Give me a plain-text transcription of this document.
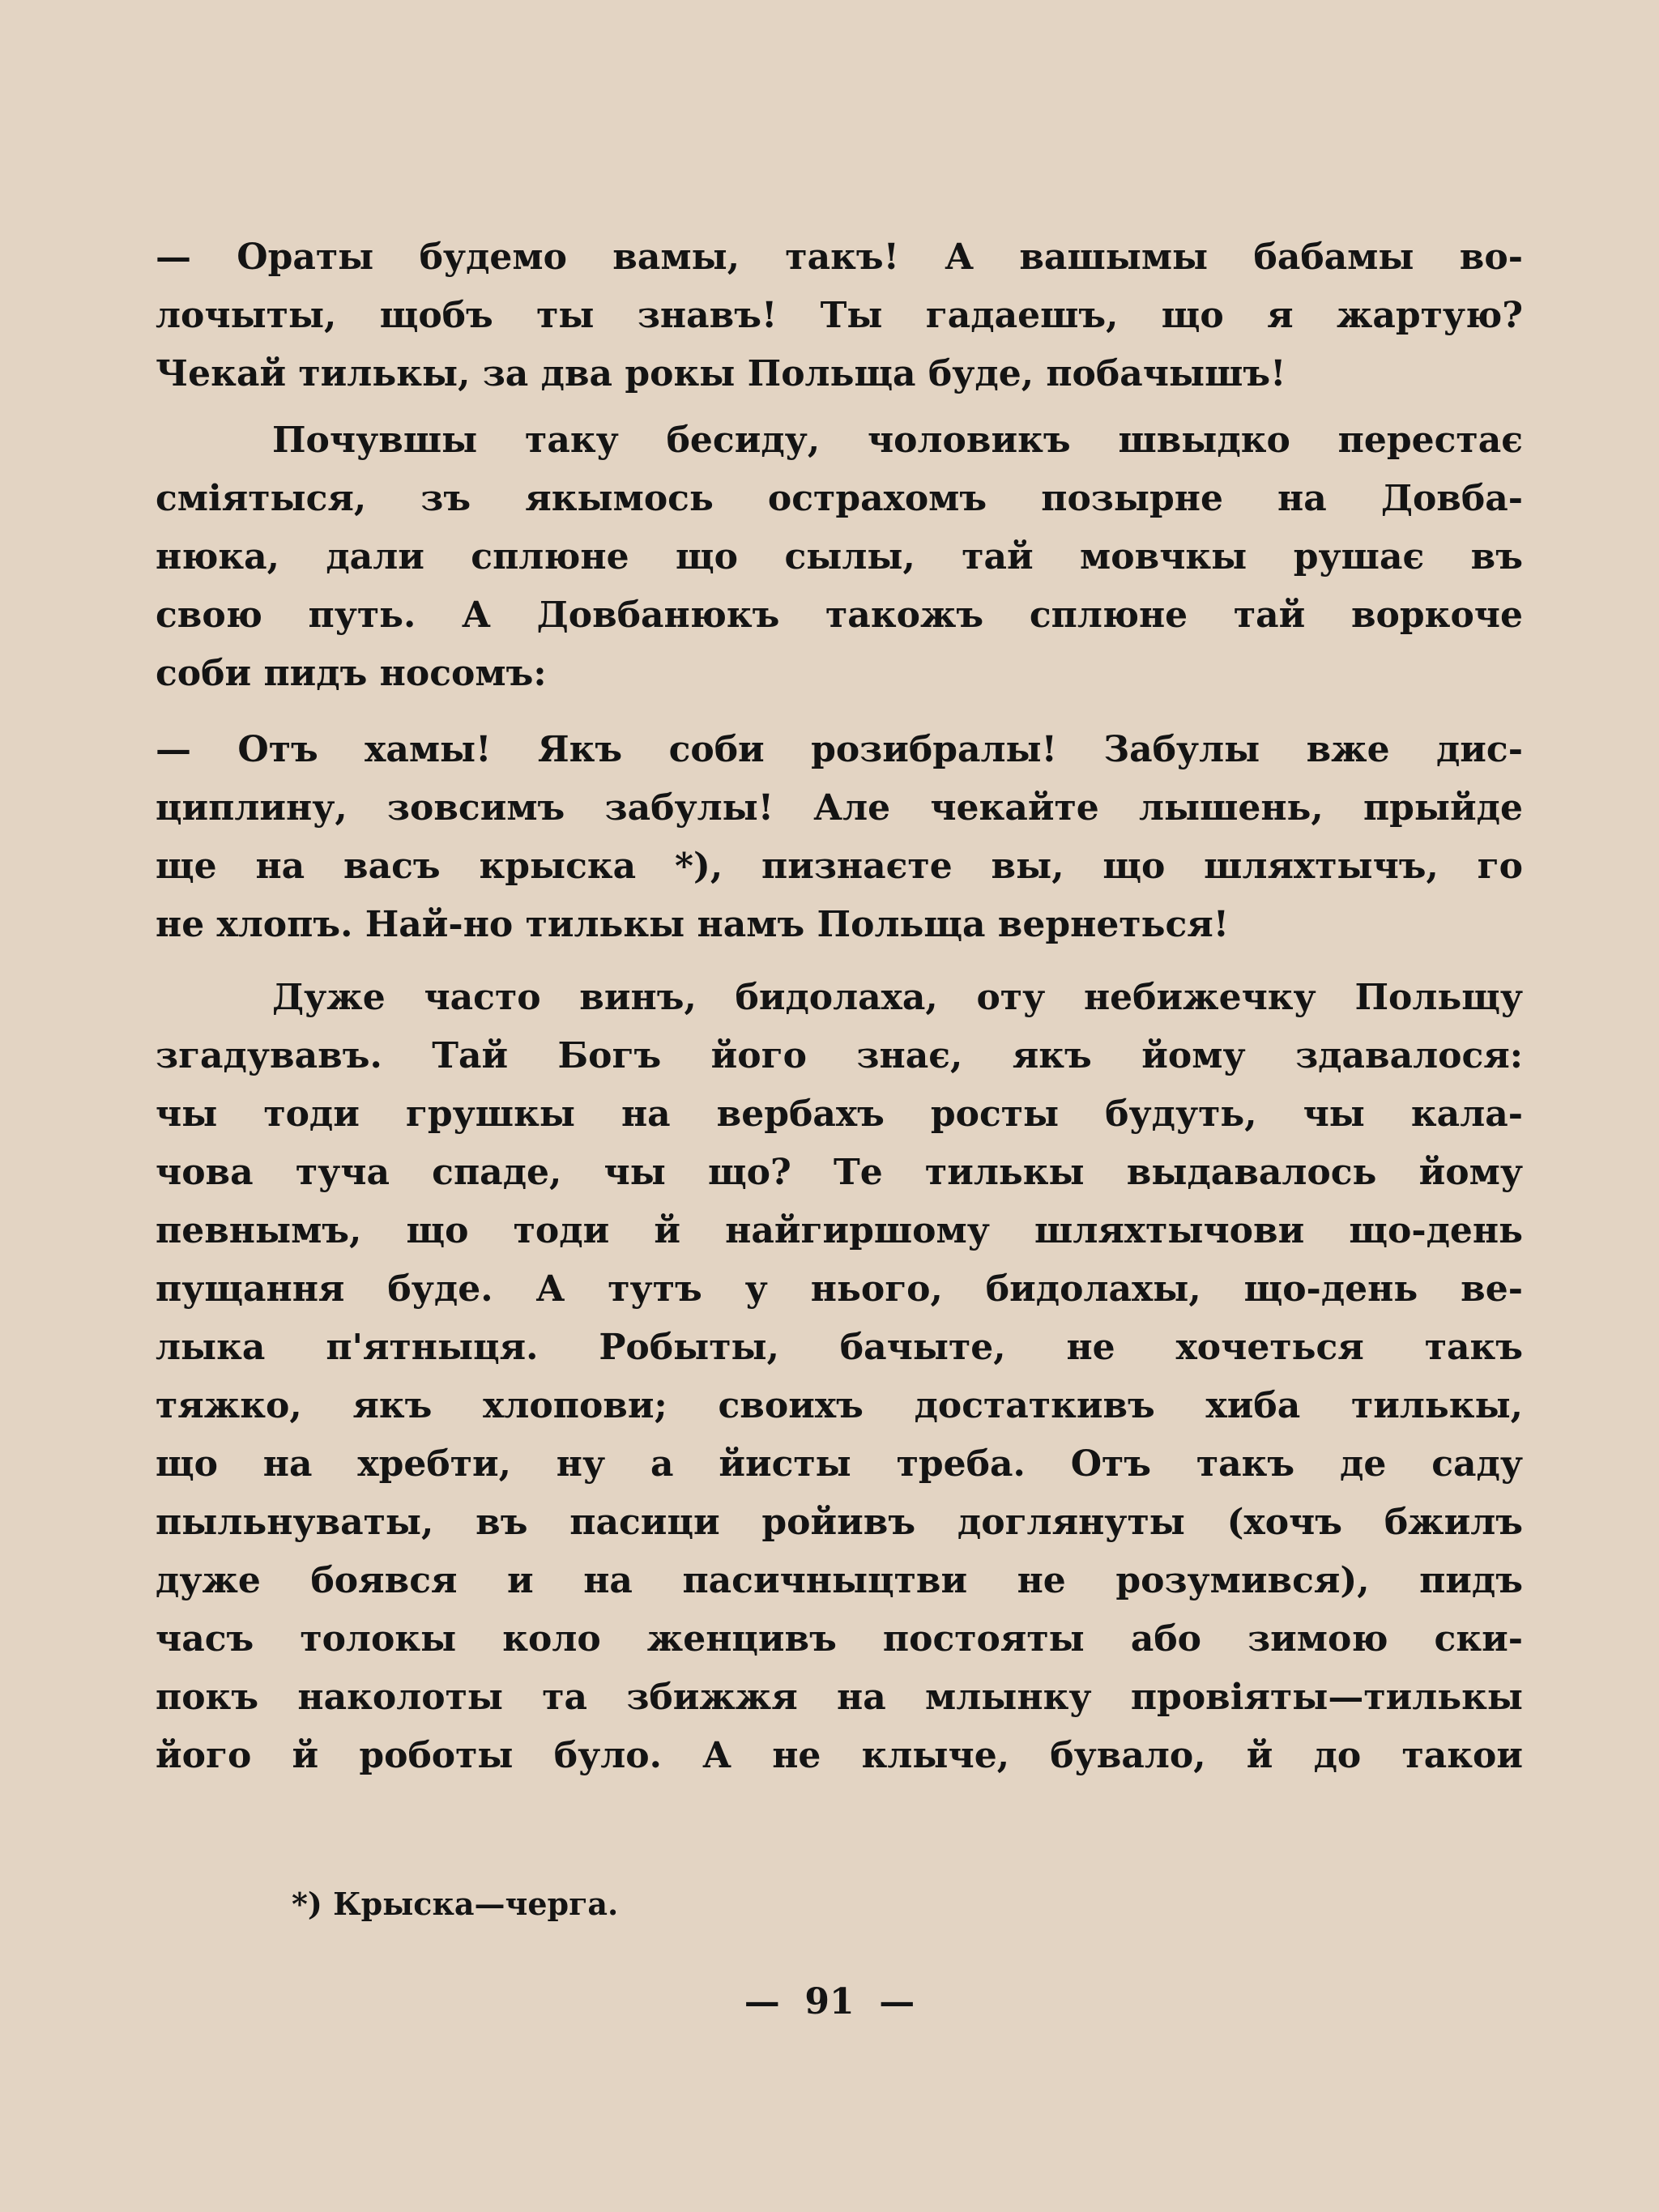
— Ораты будемо вамы, такъ! А вашымы бабамы во-
лочыты, щобъ ты знавъ! Ты гадаешъ, що я жартую?
Чекай тилькы, за два рокы Польща буде, побачышъ!
Почувшы таку бесиду, чоловикъ швыдко перестає
сміятыся, зъ якымось острахомъ позырне на Довба-
нюка, дали сплюне що сылы, тай мовчкы рушає въ
свою путь. А Довбанюкъ такожъ сплюне тай воркоче
соби пидъ носомъ:
— Отъ хамы! Якъ соби розибралы! Забулы вже дис-
циплину, зовсимъ забулы! Але чекайте лышень, прыйде
ще на васъ крыска *), пизнаєте вы, що шляхтычъ, го
не хлопъ. Най-но тилькы намъ Польща вернеться!
Дуже часто винъ, бидолаха, оту небижечку Польщу
згадувавъ. Тай Богъ його знає, якъ йому здавалося:
чы тоди грушкы на вербахъ росты будуть, чы кала-
чова туча спаде, чы що? Те тилькы выдавалось йому
певнымъ, що тоди й найгиршому шляхтычови що-день
пущання буде. А тутъ у нього, бидолахы, що-день ве-
лыка п'ятныця. Робыты, бачыте, не хочеться такъ
тяжко, якъ хлопови; своихъ достаткивъ хиба тилькы,
що на хребти, ну а йисты треба. Отъ такъ де саду
пыльнуваты, въ пасици ройивъ доглянуты (хочъ бжилъ
дуже боявся и на пасичныцтви не розумився), пидъ
часъ толокы коло женцивъ постояты або зимою ски-
покъ наколоты та збижжя на млынку провіяты—тилькы
його й роботы було. А не клыче, бувало, й до такои
*) Крыска—черга.
—  91  —
